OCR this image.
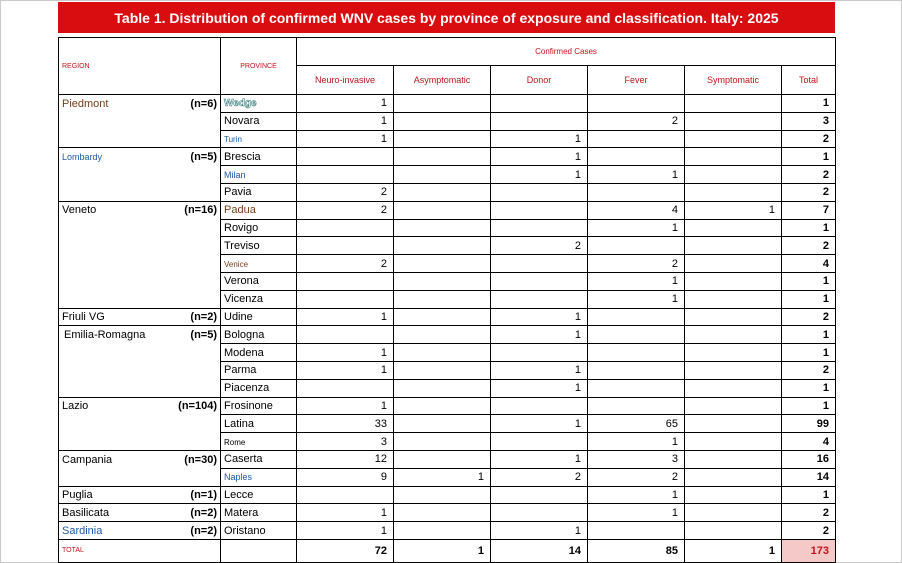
Table 1. Distribution of confirmed WNV cases by province of exposure and classification. Italy: 2025
REGION	PROVINCE	Confirmed Cases					
		Neuro-invasive	Asymptomatic	Donor	Fever	Symptomatic	Total

Piedmont (n=6)	Wedge	1					1
	Novara	1			2		3
	Turin	1		1			2

Lombardy (n=5)	Brescia			1			1
	Milan			1	1		2
	Pavia	2					2

Veneto (n=16)	Padua	2			4	1	7
	Rovigo				1		1
	Treviso			2			2
	Venice	2			2		4
	Verona				1		1
	Vicenza				1		1

Friuli VG (n=2)	Udine	1		1			2

Emilia-Romagna (n=5)	Bologna			1			1
	Modena	1					1
	Parma	1		1			2
	Piacenza			1			1

Lazio (n=104)	Frosinone	1					1
	Latina	33		1	65		99
	Rome	3			1		4

Campania (n=30)	Caserta	12		1	3		16
	Naples	9	1	2	2		14

Puglia (n=1)	Lecce				1		1

Basilicata (n=2)	Matera	1			1		2

Sardinia (n=2)	Oristano	1		1			2
TOTAL		72	1	14	85	1	173
